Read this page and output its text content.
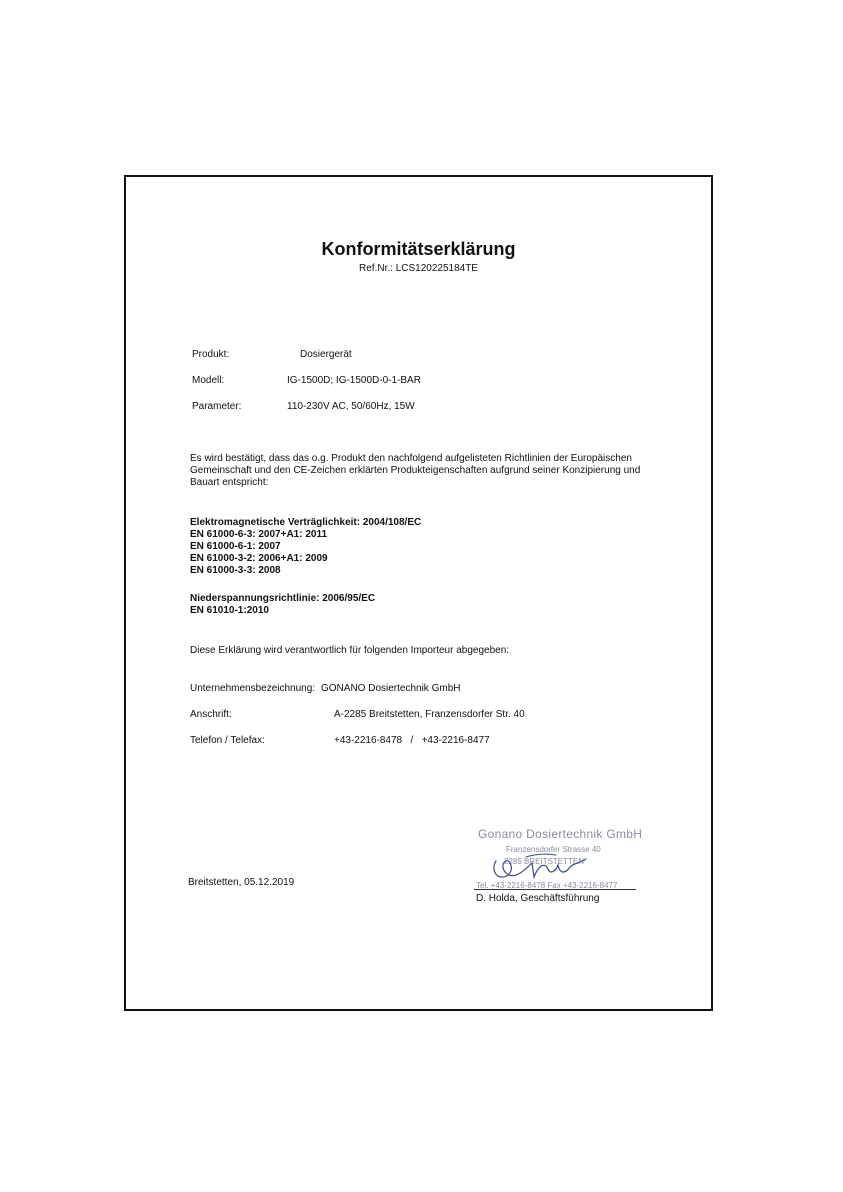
Konformitätserklärung
Ref.Nr.: LCS120225184TE
Produkt:	Dosiergerät
Modell:	IG-1500D; IG-1500D-0-1-BAR
Parameter:	110-230V AC, 50/60Hz, 15W
Es wird bestätigt, dass das o.g. Produkt den nachfolgend aufgelisteten Richtlinien der Europäischen Gemeinschaft und den CE-Zeichen erklärten Produkteigenschaften aufgrund seiner Konzipierung und Bauart entspricht:
Elektromagnetische Verträglichkeit: 2004/108/EC
EN 61000-6-3: 2007+A1: 2011
EN 61000-6-1: 2007
EN 61000-3-2: 2006+A1: 2009
EN 61000-3-3: 2008
Niederspannungsrichtlinie: 2006/95/EC
EN 61010-1:2010
Diese Erklärung wird verantwortlich für folgenden Importeur abgegeben:
Unternehmensbezeichnung: GONANO Dosiertechnik GmbH
Anschrift:	A-2285 Breitstetten, Franzensdorfer Str. 40
Telefon / Telefax:	+43-2216-8478   /   +43-2216-8477
Breitstetten, 05.12.2019
Gonano Dosiertechnik GmbH
Franzensdorfer Strasse 40
2285 BREITSTETTEN
Tel. +43-2216-8478 Fax +43-2216-8477
D. Holda, Geschäftsführung
